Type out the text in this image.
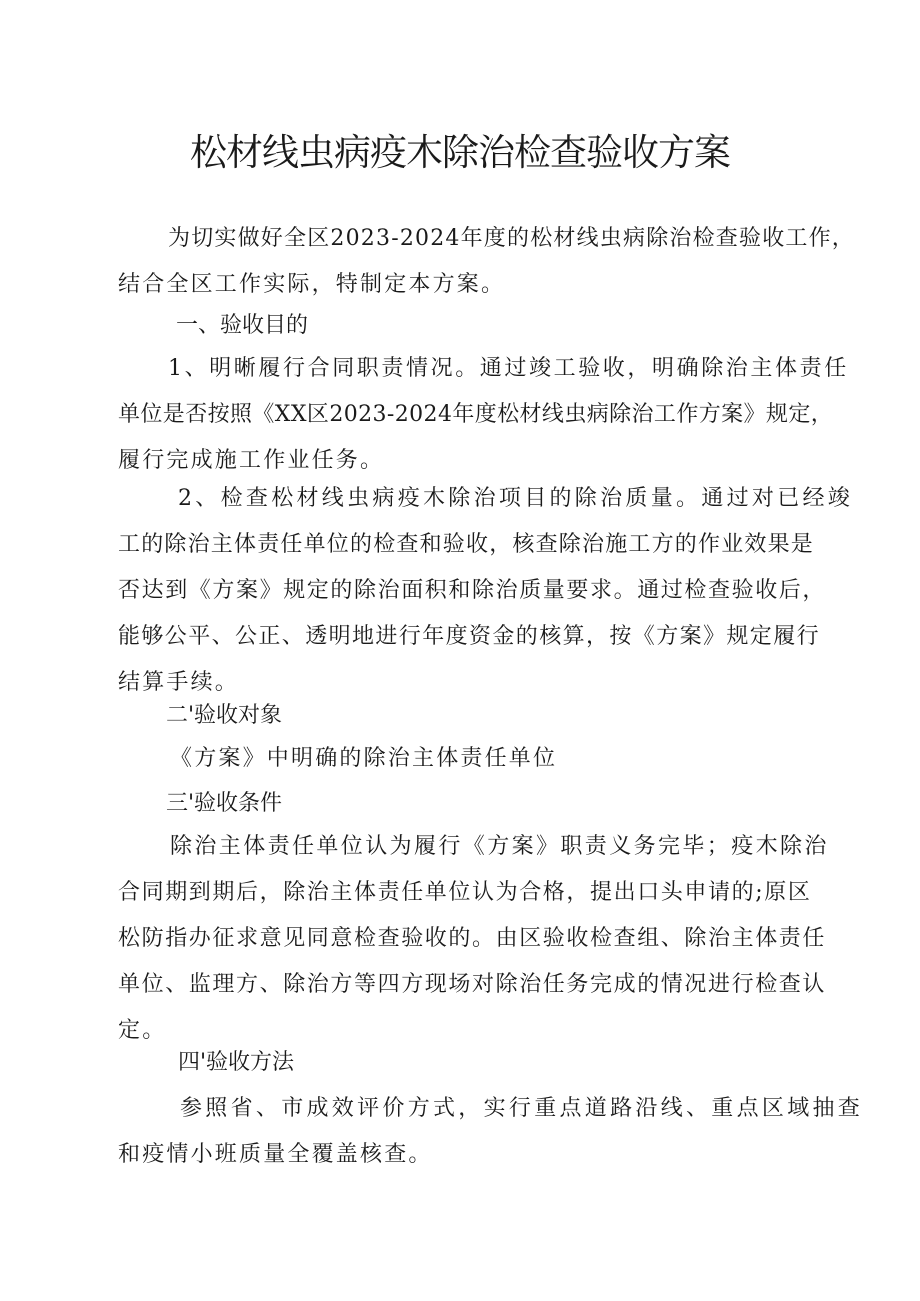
松材线虫病疫木除治检查验收方案

为切实做好全区2023-2024年度的松材线虫病除治检查验收工作，
结合全区工作实际，特制定本方案。

一、验收目的

1、明晰履行合同职责情况。通过竣工验收，明确除治主体责任
单位是否按照《XX区2023-2024年度松材线虫病除治工作方案》规定，
履行完成施工作业任务。

2、检查松材线虫病疫木除治项目的除治质量。通过对已经竣
工的除治主体责任单位的检查和验收，核查除治施工方的作业效果是
否达到《方案》规定的除治面积和除治质量要求。通过检查验收后，
能够公平、公正、透明地进行年度资金的核算，按《方案》规定履行
结算手续。

二'验收对象

《方案》中明确的除治主体责任单位

三'验收条件

除治主体责任单位认为履行《方案》职责义务完毕；疫木除治
合同期到期后，除治主体责任单位认为合格，提出口头申请的;原区
松防指办征求意见同意检查验收的。由区验收检查组、除治主体责任
单位、监理方、除治方等四方现场对除治任务完成的情况进行检查认
定。

四'验收方法

参照省、市成效评价方式，实行重点道路沿线、重点区域抽查
和疫情小班质量全覆盖核查。
